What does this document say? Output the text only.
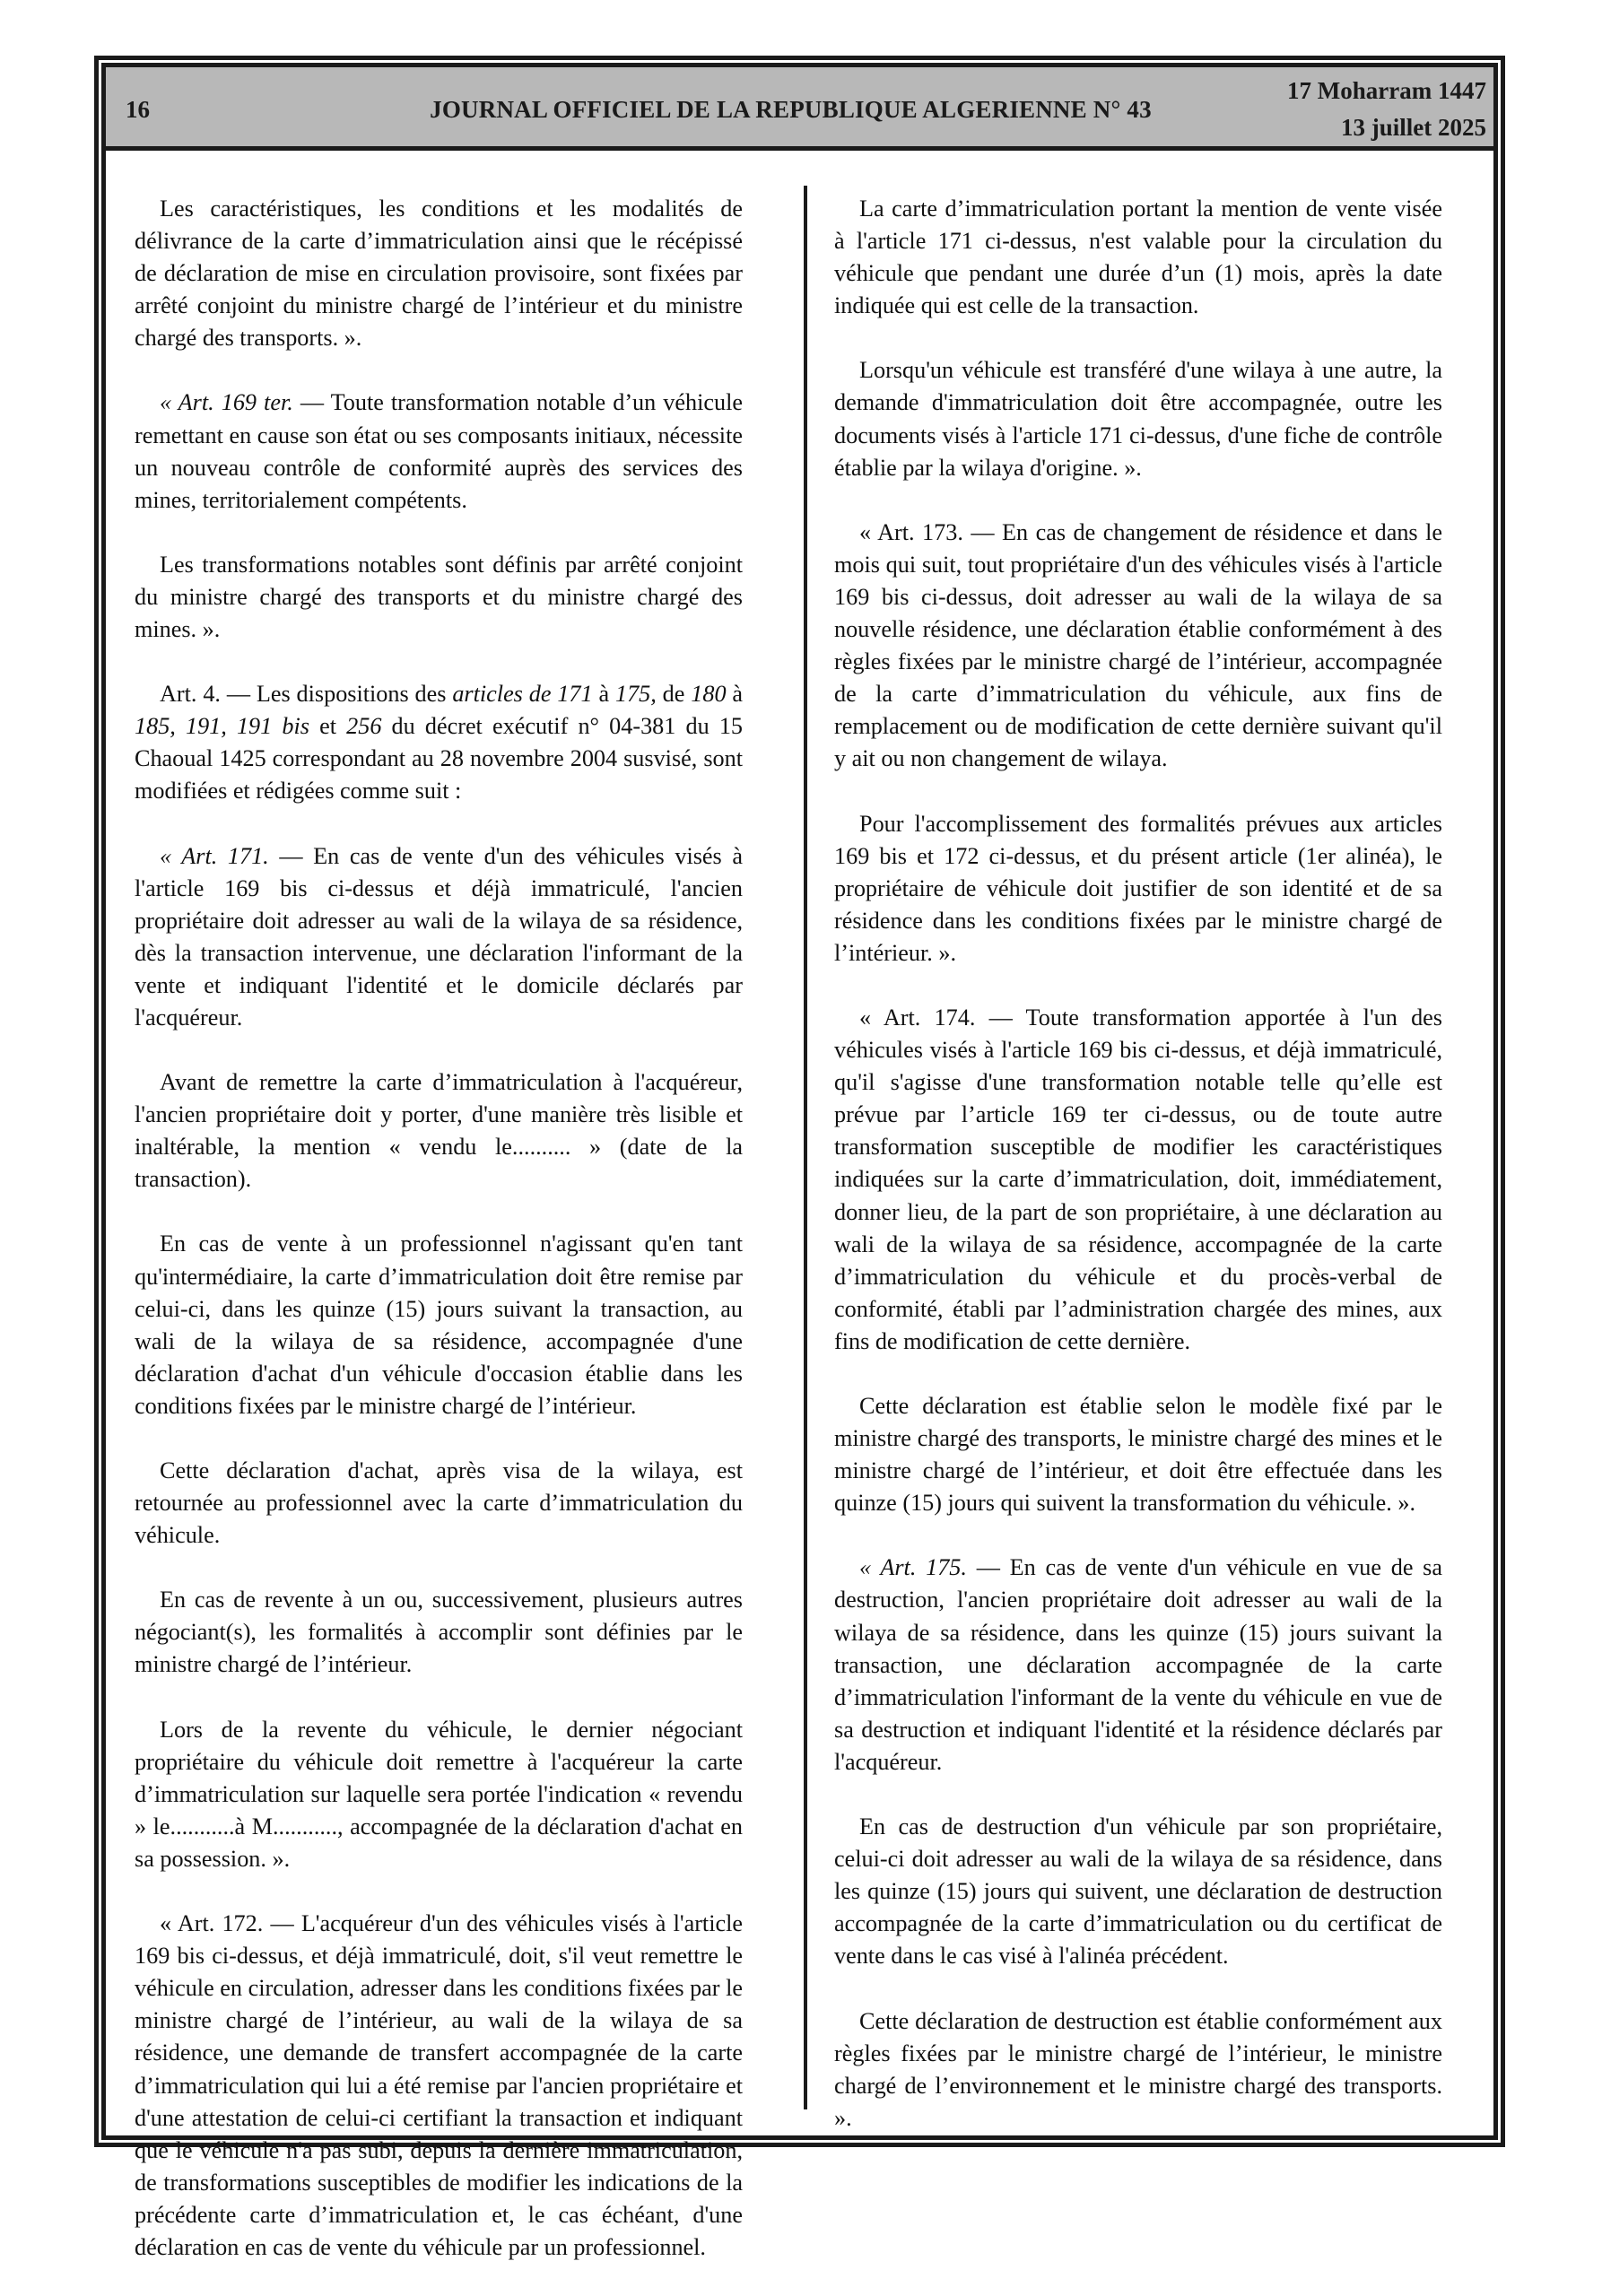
16	JOURNAL OFFICIEL DE LA REPUBLIQUE ALGERIENNE N° 43
17 Moharram 1447
13 juillet 2025

Les caractéristiques, les conditions et les modalités de délivrance de la carte d’immatriculation ainsi que le récépissé de déclaration de mise en circulation provisoire, sont fixées par arrêté conjoint du ministre chargé de l’intérieur et du ministre chargé des transports. ».

« Art. 169 ter. — Toute transformation notable d’un véhicule remettant en cause son état ou ses composants initiaux, nécessite un nouveau contrôle de conformité auprès des services des mines, territorialement compétents.

Les transformations notables sont définis par arrêté conjoint du ministre chargé des transports et du ministre chargé des mines. ».

Art. 4. — Les dispositions des articles de 171 à 175, de 180 à 185, 191, 191 bis et 256 du décret exécutif n° 04-381 du 15 Chaoual 1425 correspondant au 28 novembre 2004 susvisé, sont modifiées et rédigées comme suit :

« Art. 171. — En cas de vente d'un des véhicules visés à l'article 169 bis ci-dessus et déjà immatriculé, l'ancien propriétaire doit adresser au wali de la wilaya de sa résidence, dès la transaction intervenue, une déclaration l'informant de la vente et indiquant l'identité et le domicile déclarés par l'acquéreur.

Avant de remettre la carte d’immatriculation à l'acquéreur, l'ancien propriétaire doit y porter, d'une manière très lisible et inaltérable, la mention « vendu le.......... » (date de la transaction).

En cas de vente à un professionnel n'agissant qu'en tant qu'intermédiaire, la carte d’immatriculation doit être remise par celui-ci, dans les quinze (15) jours suivant la transaction, au wali de la wilaya de sa résidence, accompagnée d'une déclaration d'achat d'un véhicule d'occasion établie dans les conditions fixées par le ministre chargé de l’intérieur.

Cette déclaration d'achat, après visa de la wilaya, est retournée au professionnel avec la carte d’immatriculation du véhicule.

En cas de revente à un ou, successivement, plusieurs autres négociant(s), les formalités à accomplir sont définies par le ministre chargé de l’intérieur.

Lors de la revente du véhicule, le dernier négociant propriétaire du véhicule doit remettre à l'acquéreur la carte d’immatriculation sur laquelle sera portée l'indication « revendu » le...........à M..........., accompagnée de la déclaration d'achat en sa possession. ».

« Art. 172. — L'acquéreur d'un des véhicules visés à l'article 169 bis ci-dessus, et déjà immatriculé, doit, s'il veut remettre le véhicule en circulation, adresser dans les conditions fixées par le ministre chargé de l’intérieur, au wali de la wilaya de sa résidence, une demande de transfert accompagnée de la carte d’immatriculation qui lui a été remise par l'ancien propriétaire et d'une attestation de celui-ci certifiant la transaction et indiquant que le véhicule n'a pas subi, depuis la dernière immatriculation, de transformations susceptibles de modifier les indications de la précédente carte d’immatriculation et, le cas échéant, d'une déclaration en cas de vente du véhicule par un professionnel.

La carte d’immatriculation portant la mention de vente visée à l'article 171 ci-dessus, n'est valable pour la circulation du véhicule que pendant une durée d’un (1) mois, après la date indiquée qui est celle de la transaction.

Lorsqu'un véhicule est transféré d'une wilaya à une autre, la demande d'immatriculation doit être accompagnée, outre les documents visés à l'article 171 ci-dessus, d'une fiche de contrôle établie par la wilaya d'origine. ».

« Art. 173. — En cas de changement de résidence et dans le mois qui suit, tout propriétaire d'un des véhicules visés à l'article 169 bis ci-dessus, doit adresser au wali de la wilaya de sa nouvelle résidence, une déclaration établie conformément à des règles fixées par le ministre chargé de l’intérieur, accompagnée de la carte d’immatriculation du véhicule, aux fins de remplacement ou de modification de cette dernière suivant qu'il y ait ou non changement de wilaya.

Pour l'accomplissement des formalités prévues aux articles 169 bis et 172 ci-dessus, et du présent article (1er alinéa), le propriétaire de véhicule doit justifier de son identité et de sa résidence dans les conditions fixées par le ministre chargé de l’intérieur. ».

« Art. 174. — Toute transformation apportée à l'un des véhicules visés à l'article 169 bis ci-dessus, et déjà immatriculé, qu'il s'agisse d'une transformation notable telle qu’elle est prévue par l’article 169 ter ci-dessus, ou de toute autre transformation susceptible de modifier les caractéristiques indiquées sur la carte d’immatriculation, doit, immédiatement, donner lieu, de la part de son propriétaire, à une déclaration au wali de la wilaya de sa résidence, accompagnée de la carte d’immatriculation du véhicule et du procès-verbal de conformité, établi par l’administration chargée des mines, aux fins de modification de cette dernière.

Cette déclaration est établie selon le modèle fixé par le ministre chargé des transports, le ministre chargé des mines et le ministre chargé de l’intérieur, et doit être effectuée dans les quinze (15) jours qui suivent la transformation du véhicule. ».

« Art. 175. — En cas de vente d'un véhicule en vue de sa destruction, l'ancien propriétaire doit adresser au wali de la wilaya de sa résidence, dans les quinze (15) jours suivant la transaction, une déclaration accompagnée de la carte d’immatriculation l'informant de la vente du véhicule en vue de sa destruction et indiquant l'identité et la résidence déclarés par l'acquéreur.

En cas de destruction d'un véhicule par son propriétaire, celui-ci doit adresser au wali de la wilaya de sa résidence, dans les quinze (15) jours qui suivent, une déclaration de destruction accompagnée de la carte d’immatriculation ou du certificat de vente dans le cas visé à l'alinéa précédent.

Cette déclaration de destruction est établie conformément aux règles fixées par le ministre chargé de l’intérieur, le ministre chargé de l’environnement et le ministre chargé des transports. ».
